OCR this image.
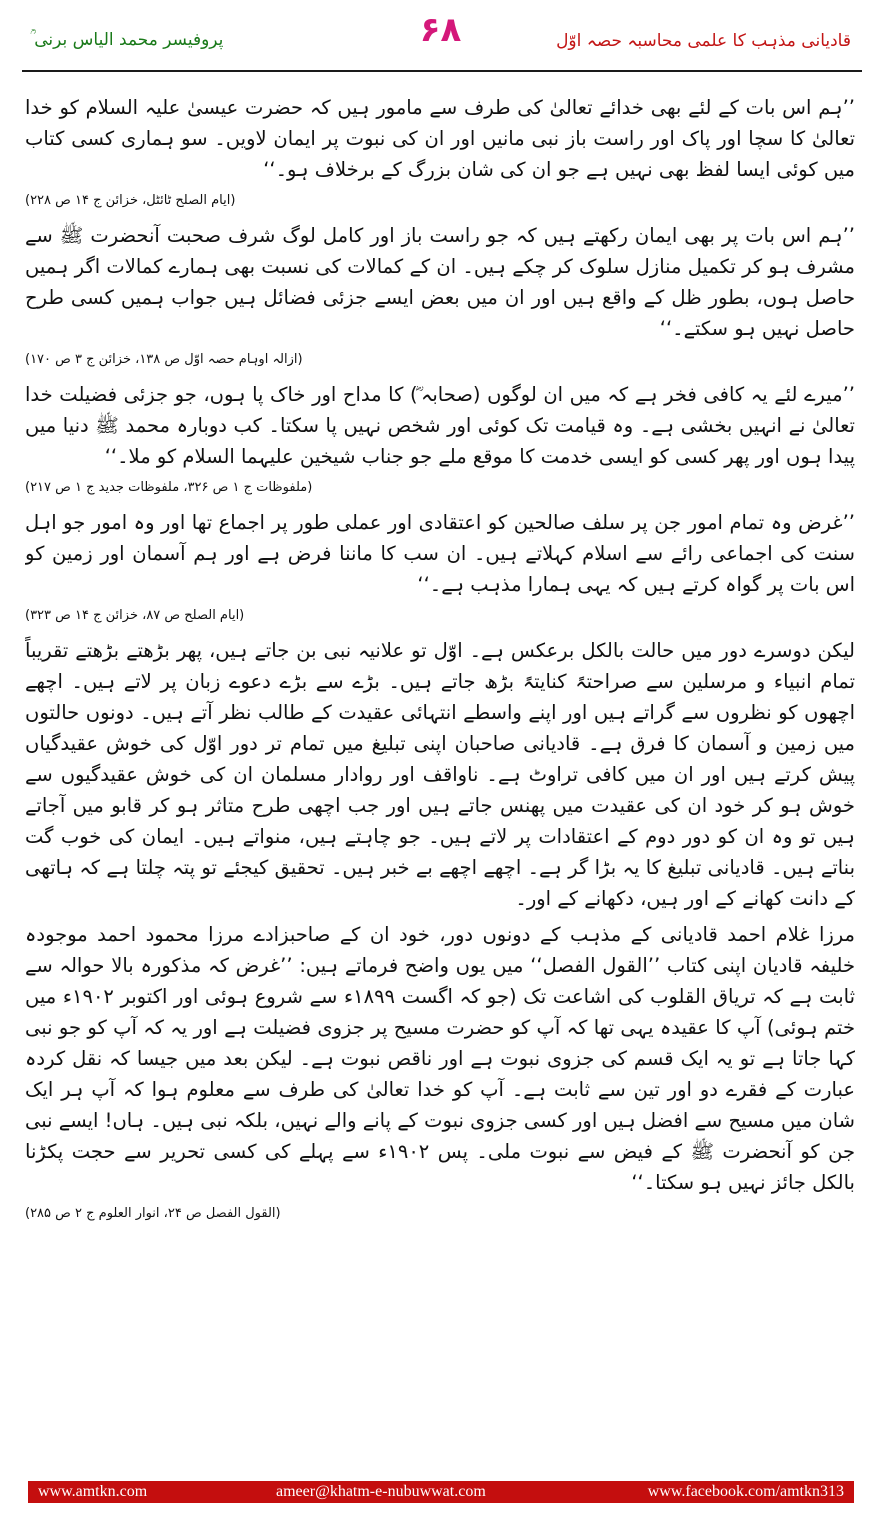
پروفیسر محمد الیاس برنی ؒ	۶۸	قادیانی مذہب کا علمی محاسبہ حصہ اوّل

’’ہم اس بات کے لئے بھی خدائے تعالیٰ کی طرف سے مامور ہیں کہ حضرت عیسیٰ علیہ السلام کو خدا تعالیٰ کا سچا اور پاک اور راست باز نبی مانیں اور ان کی نبوت پر ایمان لاویں۔ سو ہماری کسی کتاب میں کوئی ایسا لفظ بھی نہیں ہے جو ان کی شان بزرگ کے برخلاف ہو۔‘‘

(ایام الصلح ٹائٹل، خزائن ج ۱۴ ص ۲۲۸)

’’ہم اس بات پر بھی ایمان رکھتے ہیں کہ جو راست باز اور کامل لوگ شرف صحبت آنحضرت ﷺ سے مشرف ہو کر تکمیل منازل سلوک کر چکے ہیں۔ ان کے کمالات کی نسبت بھی ہمارے کمالات اگر ہمیں حاصل ہوں، بطور ظل کے واقع ہیں اور ان میں بعض ایسے جزئی فضائل ہیں جواب ہمیں کسی طرح حاصل نہیں ہو سکتے۔‘‘

(ازالہ اوہام حصہ اوّل ص ۱۳۸، خزائن ج ۳ ص ۱۷۰)

’’میرے لئے یہ کافی فخر ہے کہ میں ان لوگوں (صحابہ ؓ) کا مداح اور خاک پا ہوں، جو جزئی فضیلت خدا تعالیٰ نے انہیں بخشی ہے۔ وہ قیامت تک کوئی اور شخص نہیں پا سکتا۔ کب دوبارہ محمد ﷺ دنیا میں پیدا ہوں اور پھر کسی کو ایسی خدمت کا موقع ملے جو جناب شیخین علیہما السلام کو ملا۔‘‘

(ملفوظات ج ۱ ص ۳۲۶، ملفوظات جدید ج ۱ ص ۲۱۷)

’’غرض وہ تمام امور جن پر سلف صالحین کو اعتقادی اور عملی طور پر اجماع تھا اور وہ امور جو اہل سنت کی اجماعی رائے سے اسلام کہلاتے ہیں۔ ان سب کا ماننا فرض ہے اور ہم آسمان اور زمین کو اس بات پر گواہ کرتے ہیں کہ یہی ہمارا مذہب ہے۔‘‘

(ایام الصلح ص ۸۷، خزائن ج ۱۴ ص ۳۲۳)

لیکن دوسرے دور میں حالت بالکل برعکس ہے۔ اوّل تو علانیہ نبی بن جاتے ہیں، پھر بڑھتے بڑھتے تقریباً تمام انبیاء و مرسلین سے صراحتہً کنایتہً بڑھ جاتے ہیں۔ بڑے سے بڑے دعوے زبان پر لاتے ہیں۔ اچھے اچھوں کو نظروں سے گراتے ہیں اور اپنے واسطے انتہائی عقیدت کے طالب نظر آتے ہیں۔ دونوں حالتوں میں زمین و آسمان کا فرق ہے۔ قادیانی صاحبان اپنی تبلیغ میں تمام تر دور اوّل کی خوش عقیدگیاں پیش کرتے ہیں اور ان میں کافی تراوٹ ہے۔ ناواقف اور روادار مسلمان ان کی خوش عقیدگیوں سے خوش ہو کر خود ان کی عقیدت میں پھنس جاتے ہیں اور جب اچھی طرح متاثر ہو کر قابو میں آجاتے ہیں تو وہ ان کو دور دوم کے اعتقادات پر لاتے ہیں۔ جو چاہتے ہیں، منواتے ہیں۔ ایمان کی خوب گت بناتے ہیں۔ قادیانی تبلیغ کا یہ بڑا گر ہے۔ اچھے اچھے بے خبر ہیں۔ تحقیق کیجئے تو پتہ چلتا ہے کہ ہاتھی کے دانت کھانے کے اور ہیں، دکھانے کے اور۔

مرزا غلام احمد قادیانی کے مذہب کے دونوں دور، خود ان کے صاحبزادے مرزا محمود احمد موجودہ خلیفہ قادیان اپنی کتاب ’’القول الفصل‘‘ میں یوں واضح فرماتے ہیں: ’’غرض کہ مذکورہ بالا حوالہ سے ثابت ہے کہ تریاق القلوب کی اشاعت تک (جو کہ اگست ۱۸۹۹ء سے شروع ہوئی اور اکتوبر ۱۹۰۲ء میں ختم ہوئی) آپ کا عقیدہ یہی تھا کہ آپ کو حضرت مسیح پر جزوی فضیلت ہے اور یہ کہ آپ کو جو نبی کہا جاتا ہے تو یہ ایک قسم کی جزوی نبوت ہے اور ناقص نبوت ہے۔ لیکن بعد میں جیسا کہ نقل کردہ عبارت کے فقرے دو اور تین سے ثابت ہے۔ آپ کو خدا تعالیٰ کی طرف سے معلوم ہوا کہ آپ ہر ایک شان میں مسیح سے افضل ہیں اور کسی جزوی نبوت کے پانے والے نہیں، بلکہ نبی ہیں۔ ہاں! ایسے نبی جن کو آنحضرت ﷺ کے فیض سے نبوت ملی۔ پس ۱۹۰۲ء سے پہلے کی کسی تحریر سے حجت پکڑنا بالکل جائز نہیں ہو سکتا۔‘‘

(القول الفصل ص ۲۴، انوار العلوم ج ۲ ص ۲۸۵)

www.amtkn.com	ameer@khatm-e-nubuwwat.com	www.facebook.com/amtkn313
